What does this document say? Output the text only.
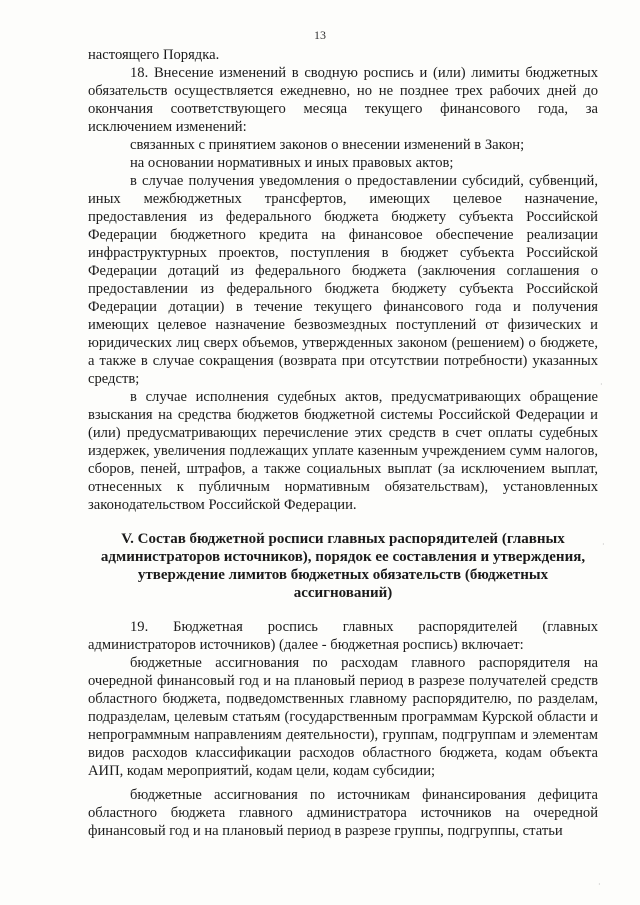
13

настоящего Порядка.

18. Внесение изменений в сводную роспись и (или) лимиты бюджетных обязательств осуществляется ежедневно, но не позднее трех рабочих дней до окончания соответствующего месяца текущего финансового года, за исключением изменений:

связанных с принятием законов о внесении изменений в Закон;

на основании нормативных и иных правовых актов;

в случае получения уведомления о предоставлении субсидий, субвенций, иных межбюджетных трансфертов, имеющих целевое назначение, предоставления из федерального бюджета бюджету субъекта Российской Федерации бюджетного кредита на финансовое обеспечение реализации инфраструктурных проектов, поступления в бюджет субъекта Российской Федерации дотаций из федерального бюджета (заключения соглашения о предоставлении из федерального бюджета бюджету субъекта Российской Федерации дотации) в течение текущего финансового года и получения имеющих целевое назначение безвозмездных поступлений от физических и юридических лиц сверх объемов, утвержденных законом (решением) о бюджете, а также в случае сокращения (возврата при отсутствии потребности) указанных средств;

в случае исполнения судебных актов, предусматривающих обращение взыскания на средства бюджетов бюджетной системы Российской Федерации и (или) предусматривающих перечисление этих средств в счет оплаты судебных издержек, увеличения подлежащих уплате казенным учреждением сумм налогов, сборов, пеней, штрафов, а также социальных выплат (за исключением выплат, отнесенных к публичным нормативным обязательствам), установленных законодательством Российской Федерации.

V. Состав бюджетной росписи главных распорядителей (главных администраторов источников), порядок ее составления и утверждения, утверждение лимитов бюджетных обязательств (бюджетных ассигнований)

19. Бюджетная роспись главных распорядителей (главных администраторов источников) (далее - бюджетная роспись) включает:

бюджетные ассигнования по расходам главного распорядителя на очередной финансовый год и на плановый период в разрезе получателей средств областного бюджета, подведомственных главному распорядителю, по разделам, подразделам, целевым статьям (государственным программам Курской области и непрограммным направлениям деятельности), группам, подгруппам и элементам видов расходов классификации расходов областного бюджета, кодам объекта АИП, кодам мероприятий, кодам цели, кодам субсидии;

бюджетные ассигнования по источникам финансирования дефицита областного бюджета главного администратора источников на очередной финансовый год и на плановый период в разрезе группы, подгруппы, статьи

·
·
·
